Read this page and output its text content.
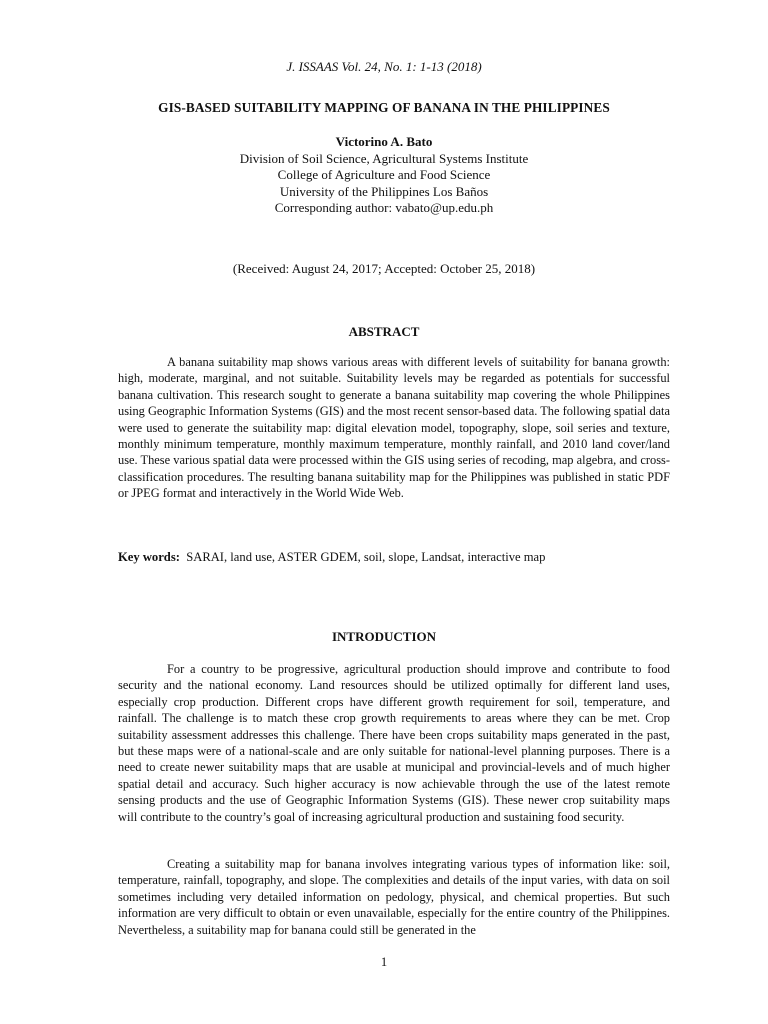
J. ISSAAS Vol. 24, No. 1: 1-13 (2018)
GIS-BASED SUITABILITY MAPPING OF BANANA IN THE PHILIPPINES
Victorino A. Bato
Division of Soil Science, Agricultural Systems Institute
College of Agriculture and Food Science
University of the Philippines Los Baños
Corresponding author: vabato@up.edu.ph
(Received: August 24, 2017; Accepted: October 25, 2018)
ABSTRACT

A banana suitability map shows various areas with different levels of suitability for banana growth: high, moderate, marginal, and not suitable. Suitability levels may be regarded as potentials for successful banana cultivation. This research sought to generate a banana suitability map covering the whole Philippines using Geographic Information Systems (GIS) and the most recent sensor-based data. The following spatial data were used to generate the suitability map: digital elevation model, topography, slope, soil series and texture, monthly minimum temperature, monthly maximum temperature, monthly rainfall, and 2010 land cover/land use. These various spatial data were processed within the GIS using series of recoding, map algebra, and cross-classification procedures. The resulting banana suitability map for the Philippines was published in static PDF or JPEG format and interactively in the World Wide Web.

Key words: SARAI, land use, ASTER GDEM, soil, slope, Landsat, interactive map
INTRODUCTION

For a country to be progressive, agricultural production should improve and contribute to food security and the national economy. Land resources should be utilized optimally for different land uses, especially crop production. Different crops have different growth requirement for soil, temperature, and rainfall. The challenge is to match these crop growth requirements to areas where they can be met. Crop suitability assessment addresses this challenge. There have been crops suitability maps generated in the past, but these maps were of a national-scale and are only suitable for national-level planning purposes. There is a need to create newer suitability maps that are usable at municipal and provincial-levels and of much higher spatial detail and accuracy. Such higher accuracy is now achievable through the use of the latest remote sensing products and the use of Geographic Information Systems (GIS). These newer crop suitability maps will contribute to the country’s goal of increasing agricultural production and sustaining food security.

Creating a suitability map for banana involves integrating various types of information like: soil, temperature, rainfall, topography, and slope. The complexities and details of the input varies, with data on soil sometimes including very detailed information on pedology, physical, and chemical properties. But such information are very difficult to obtain or even unavailable, especially for the entire country of the Philippines. Nevertheless, a suitability map for banana could still be generated in the

1
